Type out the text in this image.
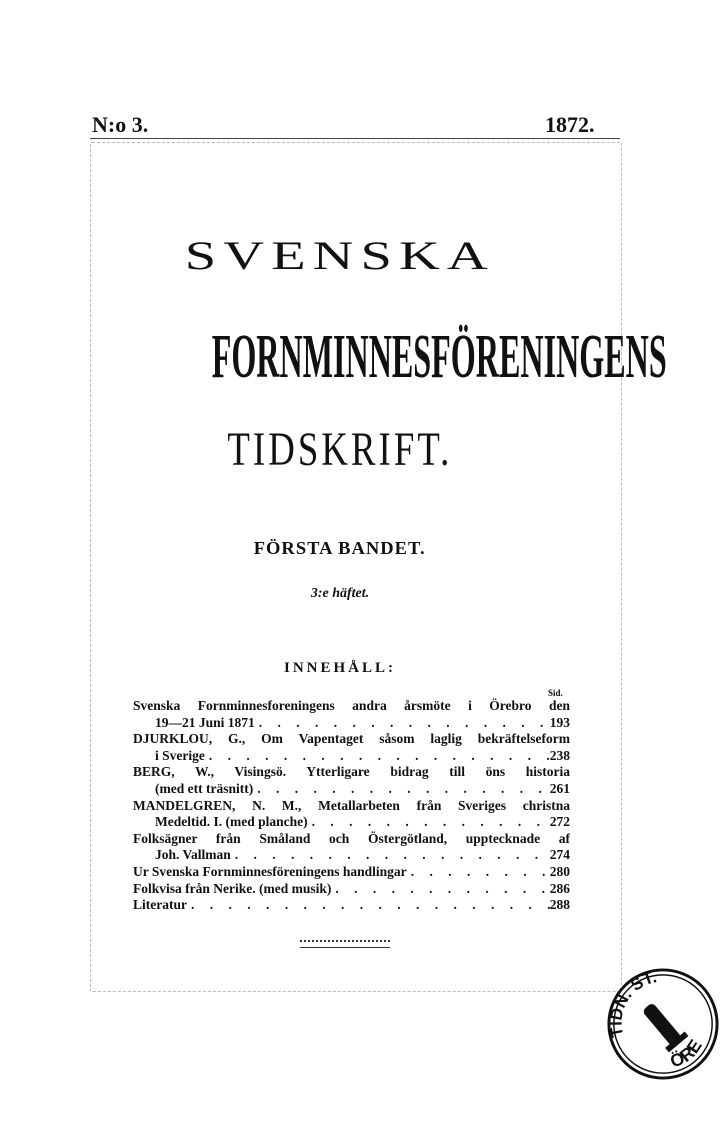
N:o 3.	1872.
SVENSKA
FORNMINNESFÖRENINGENS
TIDSKRIFT.
FÖRSTA BANDET.
3:e häftet.
INNEHÅLL:
Sid.
Svenska Fornminnesforeningens andra årsmöte i Örebro den
19—21 Juni 1871 . . .	193
DJURKLOU, G., Om Vapentaget såsom laglig bekräftelseform
i Sverige . . .	238
BERG, W., Visingsö. Ytterligare bidrag till öns historia
(med ett träsnitt) . . .	261
MANDELGREN, N. M., Metallarbeten från Sveriges christna
Medeltid. I. (med planche) . . .	272
Folksägner från Småland och Östergötland, upptecknade af
Joh. Vallman . . .	274
Ur Svenska Fornminnesföreningens handlingar . . .	280
Folkvisa från Nerike. (med musik) . . .	286
Literatur . . .	288
TIDN. ST.
ÖRE
